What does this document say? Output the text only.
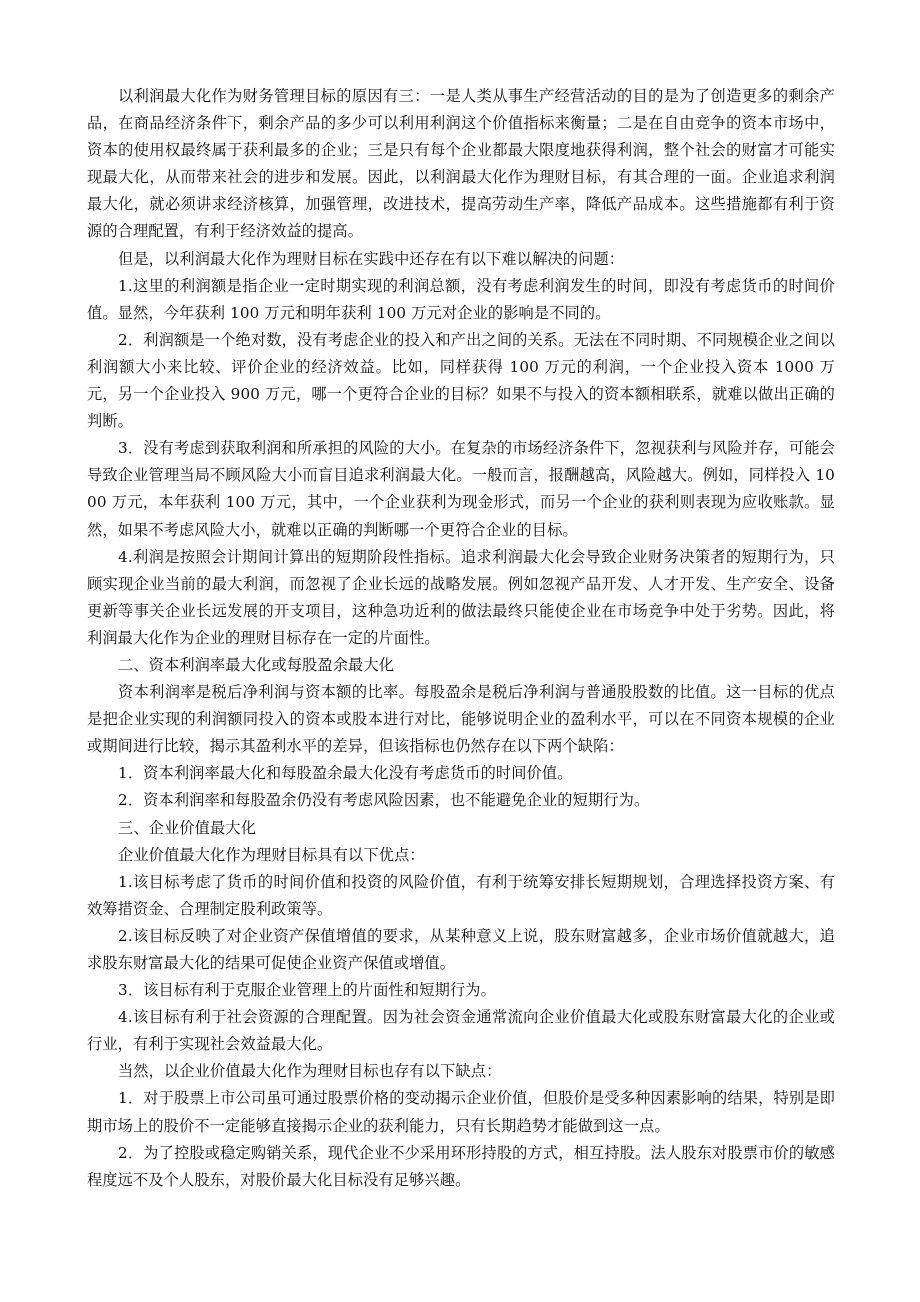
以利润最大化作为财务管理目标的原因有三：一是人类从事生产经营活动的目的是为了创造更多的剩余产品，在商品经济条件下，剩余产品的多少可以利用利润这个价值指标来衡量；二是在自由竞争的资本市场中，资本的使用权最终属于获利最多的企业；三是只有每个企业都最大限度地获得利润，整个社会的财富才可能实现最大化，从而带来社会的进步和发展。因此，以利润最大化作为理财目标，有其合理的一面。企业追求利润最大化，就必须讲求经济核算，加强管理，改进技术，提高劳动生产率，降低产品成本。这些措施都有利于资源的合理配置，有利于经济效益的提高。

但是，以利润最大化作为理财目标在实践中还存在有以下难以解决的问题：

1.这里的利润额是指企业一定时期实现的利润总额，没有考虑利润发生的时间，即没有考虑货币的时间价值。显然，今年获利 100 万元和明年获利 100 万元对企业的影响是不同的。

2．利润额是一个绝对数，没有考虑企业的投入和产出之间的关系。无法在不同时期、不同规模企业之间以利润额大小来比较、评价企业的经济效益。比如，同样获得 100 万元的利润，一个企业投入资本 1000 万元，另一个企业投入 900 万元，哪一个更符合企业的目标？如果不与投入的资本额相联系，就难以做出正确的判断。

3．没有考虑到获取利润和所承担的风险的大小。在复杂的市场经济条件下，忽视获利与风险并存，可能会导致企业管理当局不顾风险大小而盲目追求利润最大化。一般而言，报酬越高，风险越大。例如，同样投入 1000 万元，本年获利 100 万元，其中，一个企业获利为现金形式，而另一个企业的获利则表现为应收账款。显然，如果不考虑风险大小，就难以正确的判断哪一个更符合企业的目标。

4.利润是按照会计期间计算出的短期阶段性指标。追求利润最大化会导致企业财务决策者的短期行为，只顾实现企业当前的最大利润，而忽视了企业长远的战略发展。例如忽视产品开发、人才开发、生产安全、设备更新等事关企业长远发展的开支项目，这种急功近利的做法最终只能使企业在市场竞争中处于劣势。因此，将利润最大化作为企业的理财目标存在一定的片面性。

二、资本利润率最大化或每股盈余最大化

资本利润率是税后净利润与资本额的比率。每股盈余是税后净利润与普通股股数的比值。这一目标的优点是把企业实现的利润额同投入的资本或股本进行对比，能够说明企业的盈利水平，可以在不同资本规模的企业或期间进行比较，揭示其盈利水平的差异，但该指标也仍然存在以下两个缺陷：

1．资本利润率最大化和每股盈余最大化没有考虑货币的时间价值。

2．资本利润率和每股盈余仍没有考虑风险因素，也不能避免企业的短期行为。

三、企业价值最大化

企业价值最大化作为理财目标具有以下优点：

1.该目标考虑了货币的时间价值和投资的风险价值，有利于统筹安排长短期规划，合理选择投资方案、有效筹措资金、合理制定股利政策等。

2.该目标反映了对企业资产保值增值的要求，从某种意义上说，股东财富越多，企业市场价值就越大，追求股东财富最大化的结果可促使企业资产保值或增值。

3．该目标有利于克服企业管理上的片面性和短期行为。

4.该目标有利于社会资源的合理配置。因为社会资金通常流向企业价值最大化或股东财富最大化的企业或行业，有利于实现社会效益最大化。

当然，以企业价值最大化作为理财目标也存有以下缺点：

1．对于股票上市公司虽可通过股票价格的变动揭示企业价值，但股价是受多种因素影响的结果，特别是即期市场上的股价不一定能够直接揭示企业的获利能力，只有长期趋势才能做到这一点。

2．为了控股或稳定购销关系，现代企业不少采用环形持股的方式，相互持股。法人股东对股票市价的敏感程度远不及个人股东，对股价最大化目标没有足够兴趣。
